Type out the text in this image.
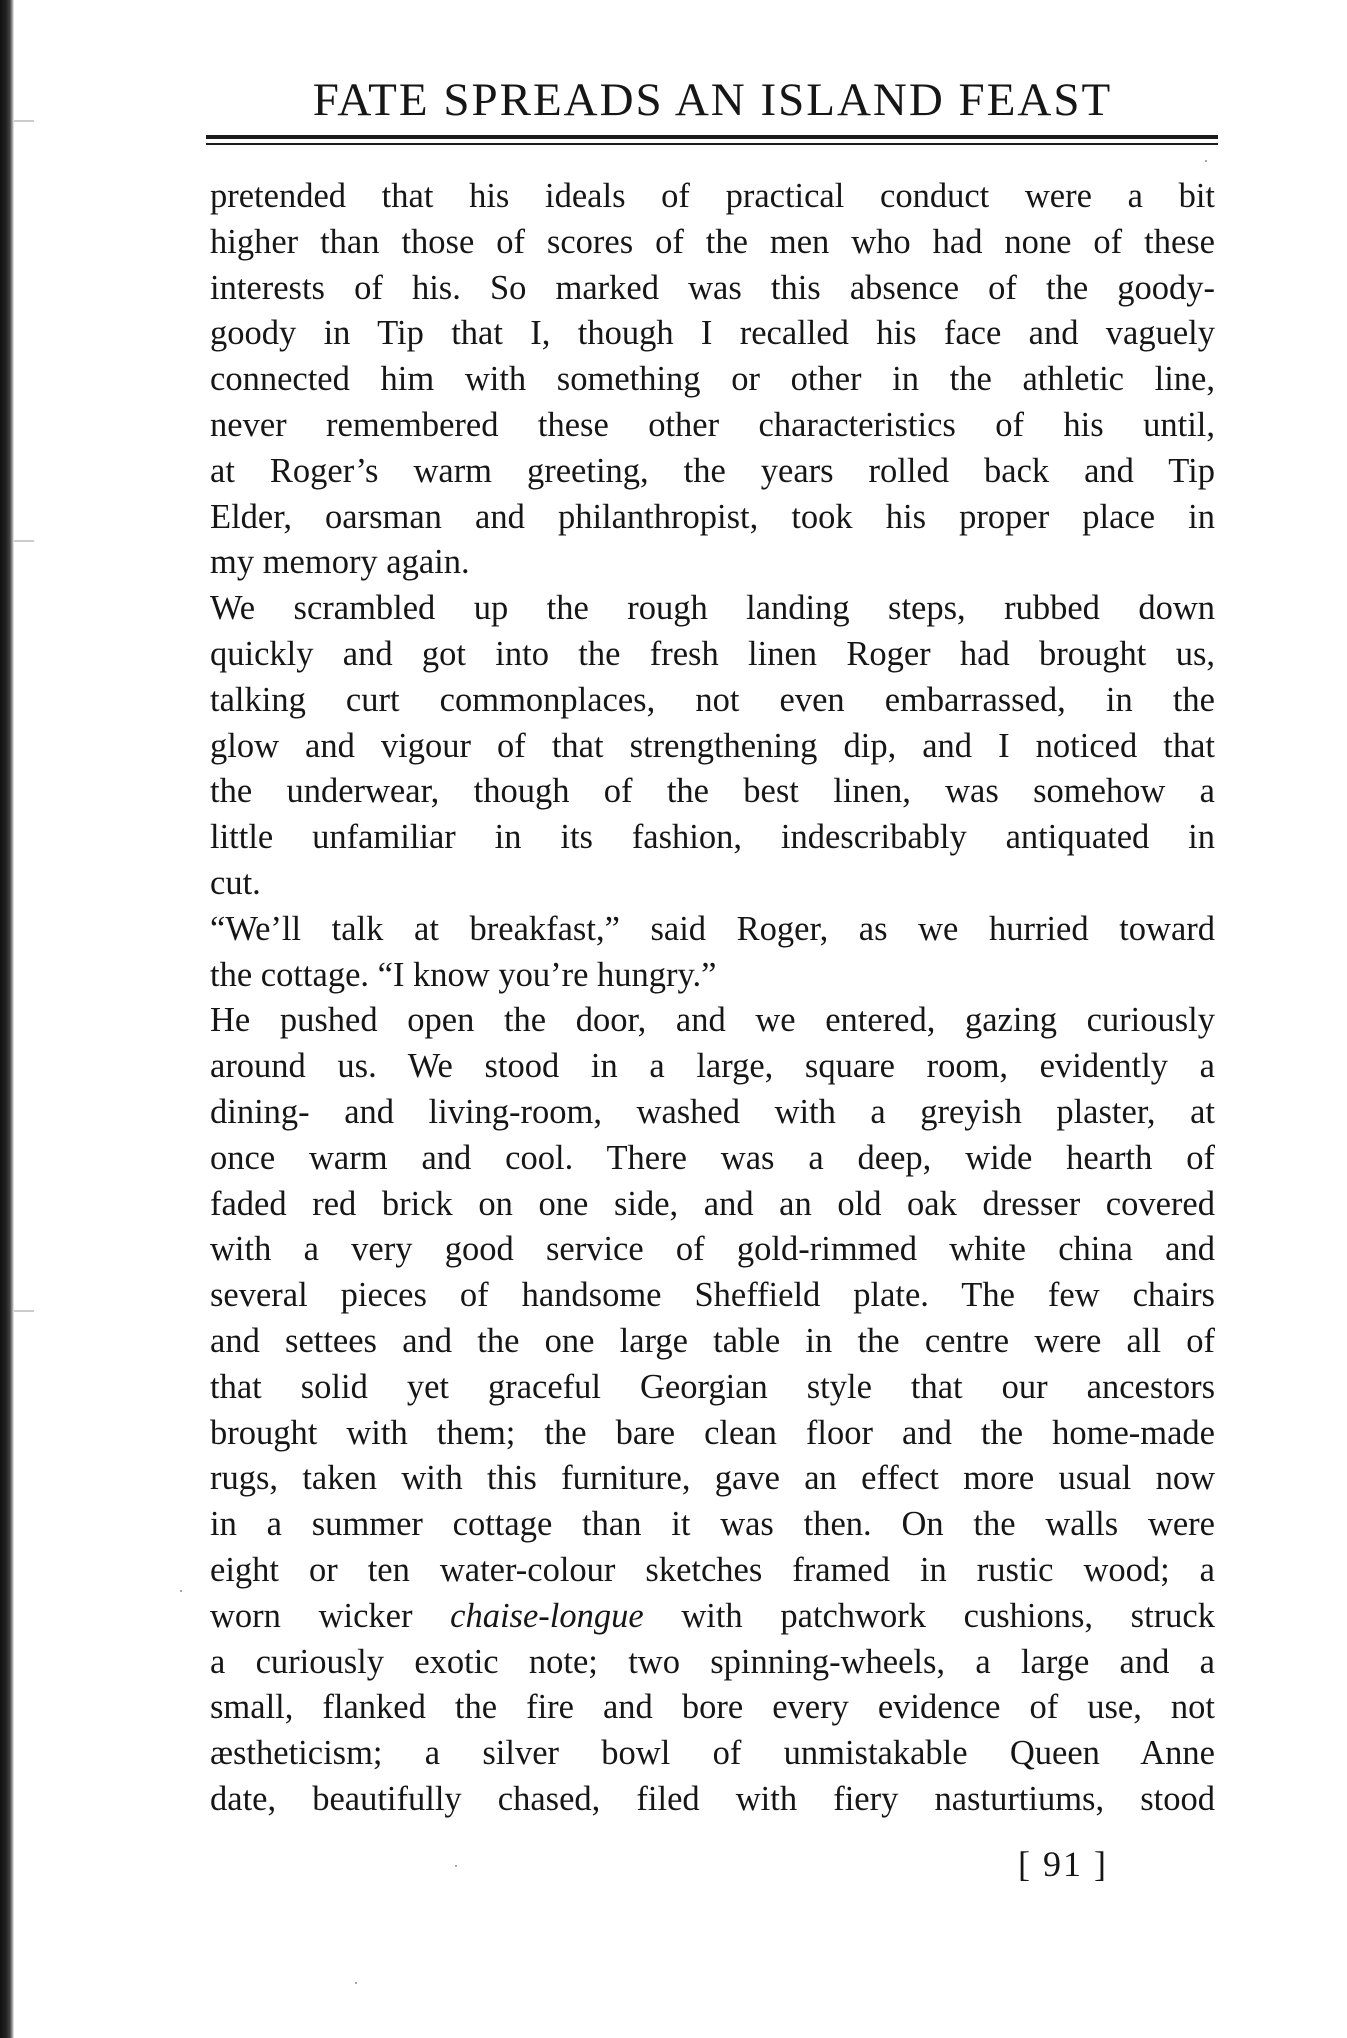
FATE SPREADS AN ISLAND FEAST

pretended that his ideals of practical conduct were a bit
higher than those of scores of the men who had none of these
interests of his. So marked was this absence of the goody-
goody in Tip that I, though I recalled his face and vaguely
connected him with something or other in the athletic line,
never remembered these other characteristics of his until,
at Roger’s warm greeting, the years rolled back and Tip
Elder, oarsman and philanthropist, took his proper place in
my memory again.

We scrambled up the rough landing steps, rubbed down
quickly and got into the fresh linen Roger had brought us,
talking curt commonplaces, not even embarrassed, in the
glow and vigour of that strengthening dip, and I noticed that
the underwear, though of the best linen, was somehow a
little unfamiliar in its fashion, indescribably antiquated in
cut.

“We’ll talk at breakfast,” said Roger, as we hurried toward
the cottage. “I know you’re hungry.”

He pushed open the door, and we entered, gazing curiously
around us. We stood in a large, square room, evidently a
dining- and living-room, washed with a greyish plaster, at
once warm and cool. There was a deep, wide hearth of
faded red brick on one side, and an old oak dresser covered
with a very good service of gold-rimmed white china and
several pieces of handsome Sheffield plate. The few chairs
and settees and the one large table in the centre were all of
that solid yet graceful Georgian style that our ancestors
brought with them; the bare clean floor and the home-made
rugs, taken with this furniture, gave an effect more usual now
in a summer cottage than it was then. On the walls were
eight or ten water-colour sketches framed in rustic wood; a
worn wicker chaise-longue with patchwork cushions, struck
a curiously exotic note; two spinning-wheels, a large and a
small, flanked the fire and bore every evidence of use, not
æstheticism; a silver bowl of unmistakable Queen Anne
date, beautifully chased, filed with fiery nasturtiums, stood

[ 91 ]
